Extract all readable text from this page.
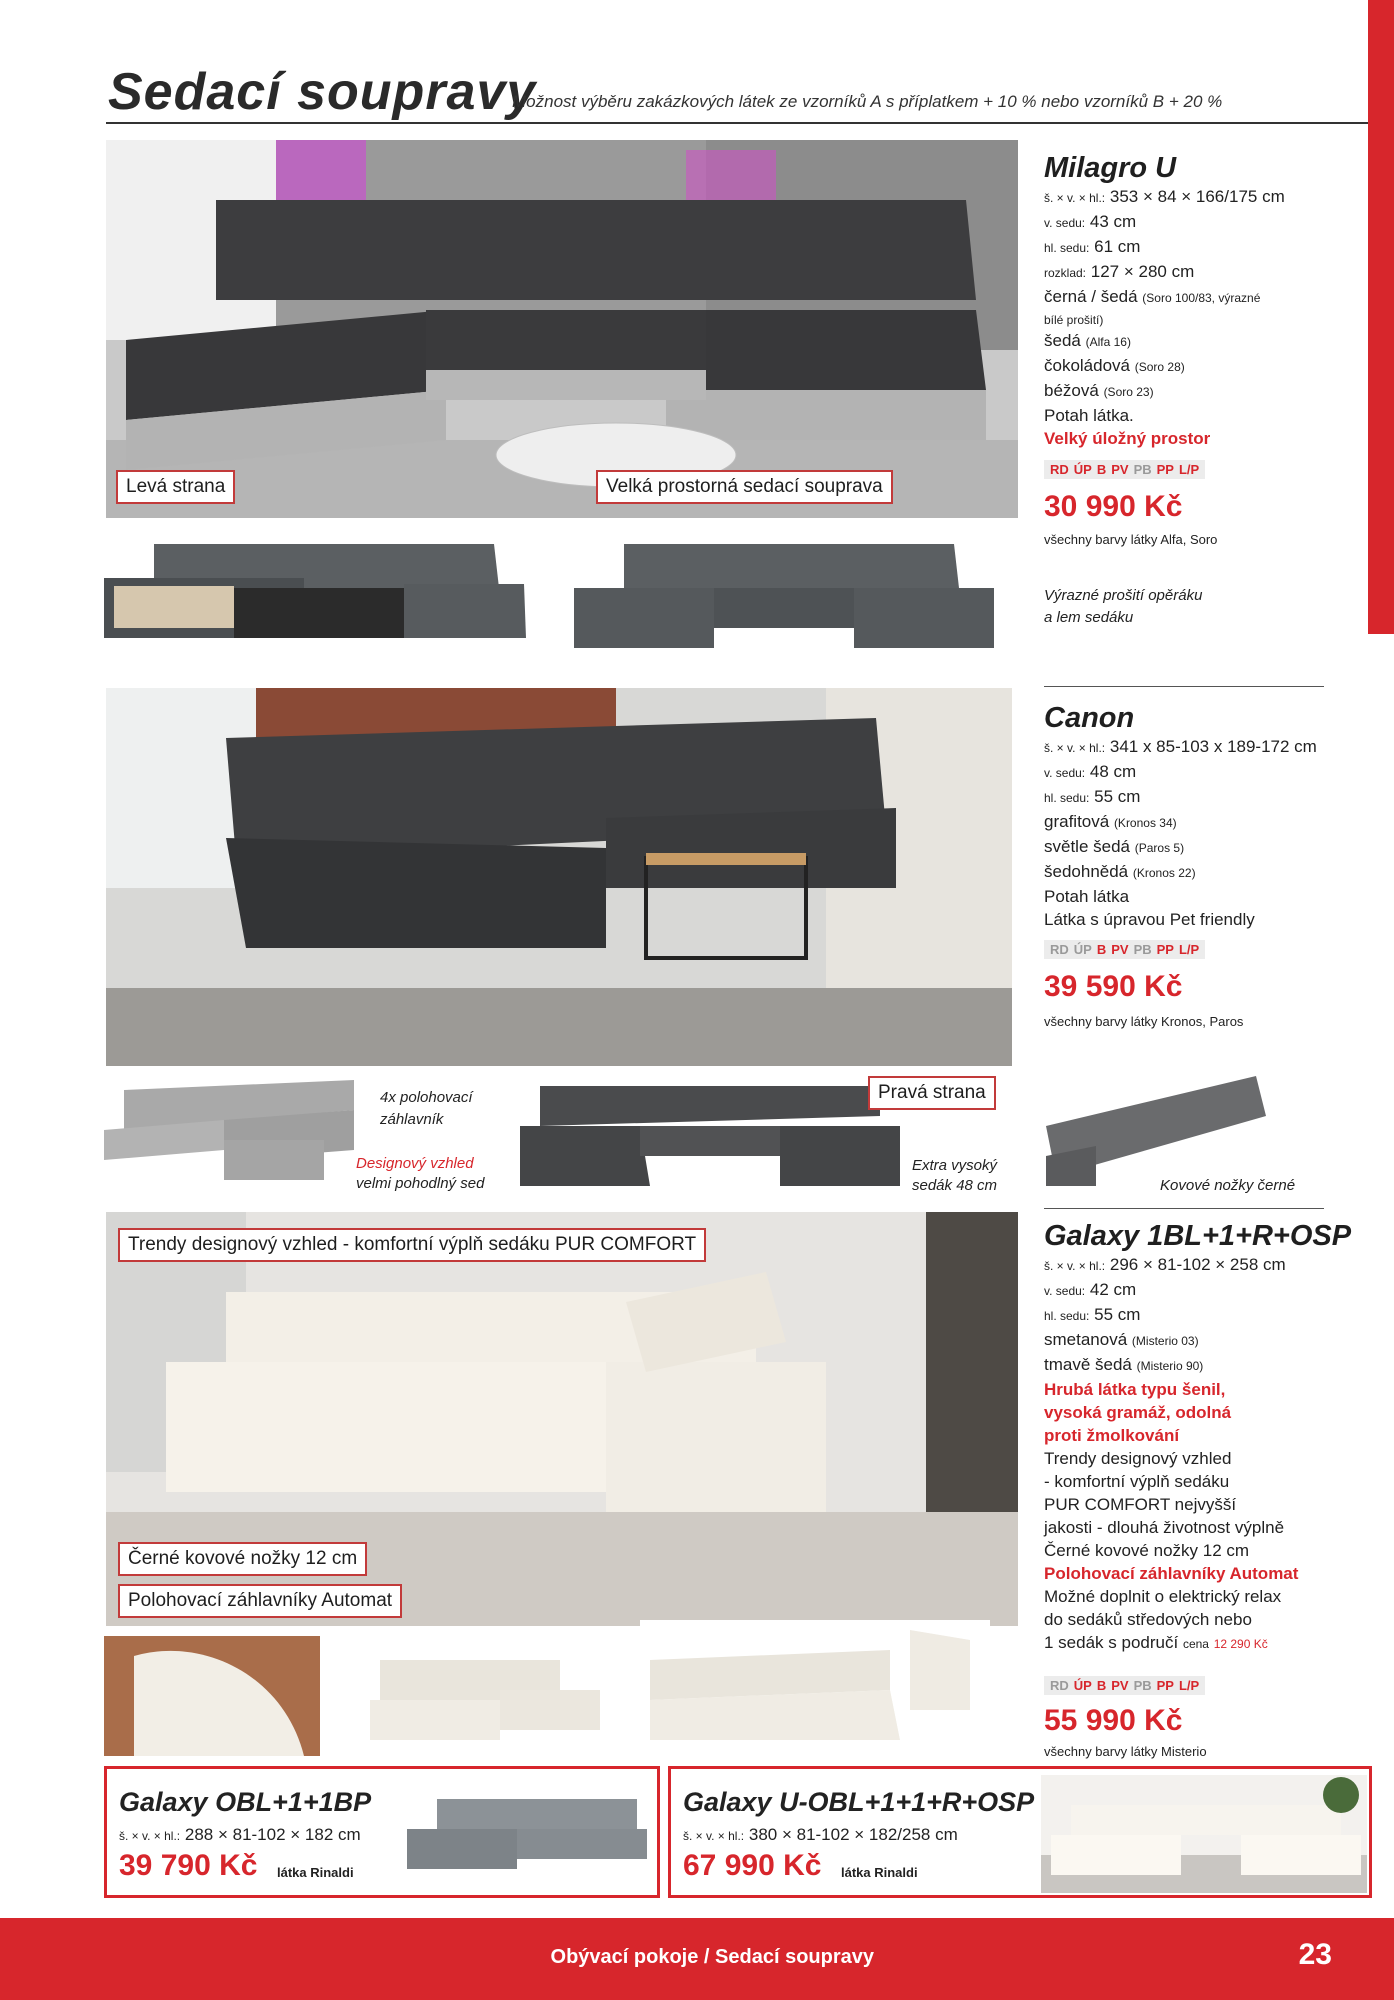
Sedací soupravy
Možnost výběru zakázkových látek ze vzorníků A s příplatkem + 10 % nebo vzorníků B + 20 %
Levá strana	Velká prostorná sedací souprava
Výrazné prošití opěráku
a lem sedáku
Milagro U
š. × v. × hl.: 353 × 84 × 166/175 cm
v. sedu: 43 cm
hl. sedu: 61 cm
rozklad: 127 × 280 cm
černá / šedá (Soro 100/83, výrazné
bílé prošití)
šedá (Alfa 16)
čokoládová (Soro 28)
béžová (Soro 23)
Potah látka.
Velký úložný prostor
RD ÚP B PV PB PP L/P
30 990 Kč
všechny barvy látky Alfa, Soro
4x polohovací
záhlavník
Designový vzhled
velmi pohodlný sed
Pravá strana
Extra vysoký
sedák 48 cm	Kovové nožky černé
Canon
š. × v. × hl.: 341 x 85-103 x 189-172 cm
v. sedu: 48 cm
hl. sedu: 55 cm
grafitová (Kronos 34)
světle šedá (Paros 5)
šedohnědá (Kronos 22)
Potah látka
Látka s úpravou Pet friendly
RD ÚP B PV PB PP L/P
39 590 Kč
všechny barvy látky Kronos, Paros
Trendy designový vzhled - komfortní výplň sedáku PUR COMFORT
Černé kovové nožky 12 cm
Polohovací záhlavníky Automat
Galaxy 1BL+1+R+OSP
š. × v. × hl.: 296 × 81-102 × 258 cm
v. sedu: 42 cm
hl. sedu: 55 cm
smetanová (Misterio 03)
tmavě šedá (Misterio 90)
Hrubá látka typu šenil,
vysoká gramáž, odolná
proti žmolkování
Trendy designový vzhled
- komfortní výplň sedáku
PUR COMFORT nejvyšší
jakosti - dlouhá životnost výplně
Černé kovové nožky 12 cm
Polohovací záhlavníky Automat
Možné doplnit o elektrický relax
do sedáků středových nebo
1 sedák s područí cena 12 290 Kč
RD ÚP B PV PB PP L/P
55 990 Kč
všechny barvy látky Misterio
Galaxy OBL+1+1BP
š. × v. × hl.: 288 × 81-102 × 182 cm
39 790 Kč látka Rinaldi
Galaxy U-OBL+1+1+R+OSP
š. × v. × hl.: 380 × 81-102 × 182/258 cm
67 990 Kč látka Rinaldi
Obývací pokoje / Sedací soupravy	23
